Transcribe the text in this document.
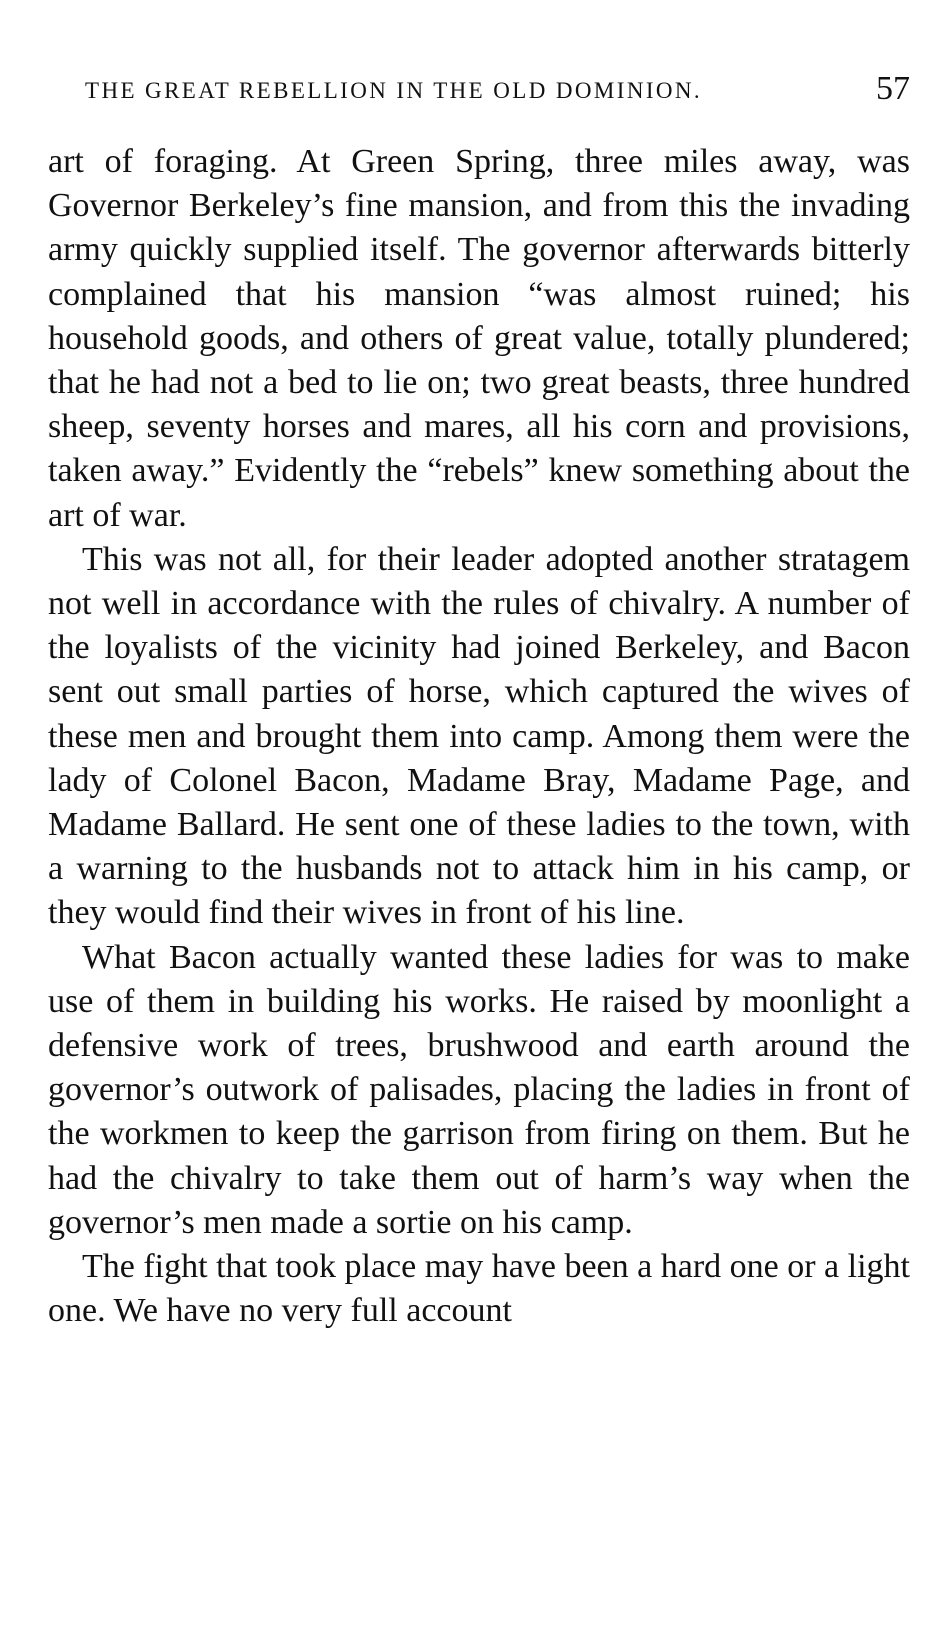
THE GREAT REBELLION IN THE OLD DOMINION.	57

art of foraging. At Green Spring, three miles away, was Governor Berkeley’s fine mansion, and from this the invading army quickly supplied itself. The governor afterwards bitterly complained that his mansion “was almost ruined; his household goods, and others of great value, totally plundered; that he had not a bed to lie on; two great beasts, three hundred sheep, seventy horses and mares, all his corn and provisions, taken away.” Evidently the “rebels” knew something about the art of war.

This was not all, for their leader adopted another stratagem not well in accordance with the rules of chivalry. A number of the loyalists of the vicinity had joined Berkeley, and Bacon sent out small parties of horse, which captured the wives of these men and brought them into camp. Among them were the lady of Colonel Bacon, Madame Bray, Madame Page, and Madame Ballard. He sent one of these ladies to the town, with a warning to the husbands not to attack him in his camp, or they would find their wives in front of his line.

What Bacon actually wanted these ladies for was to make use of them in building his works. He raised by moonlight a defensive work of trees, brushwood and earth around the governor’s outwork of palisades, placing the ladies in front of the workmen to keep the garrison from firing on them. But he had the chivalry to take them out of harm’s way when the governor’s men made a sortie on his camp.

The fight that took place may have been a hard one or a light one. We have no very full account
